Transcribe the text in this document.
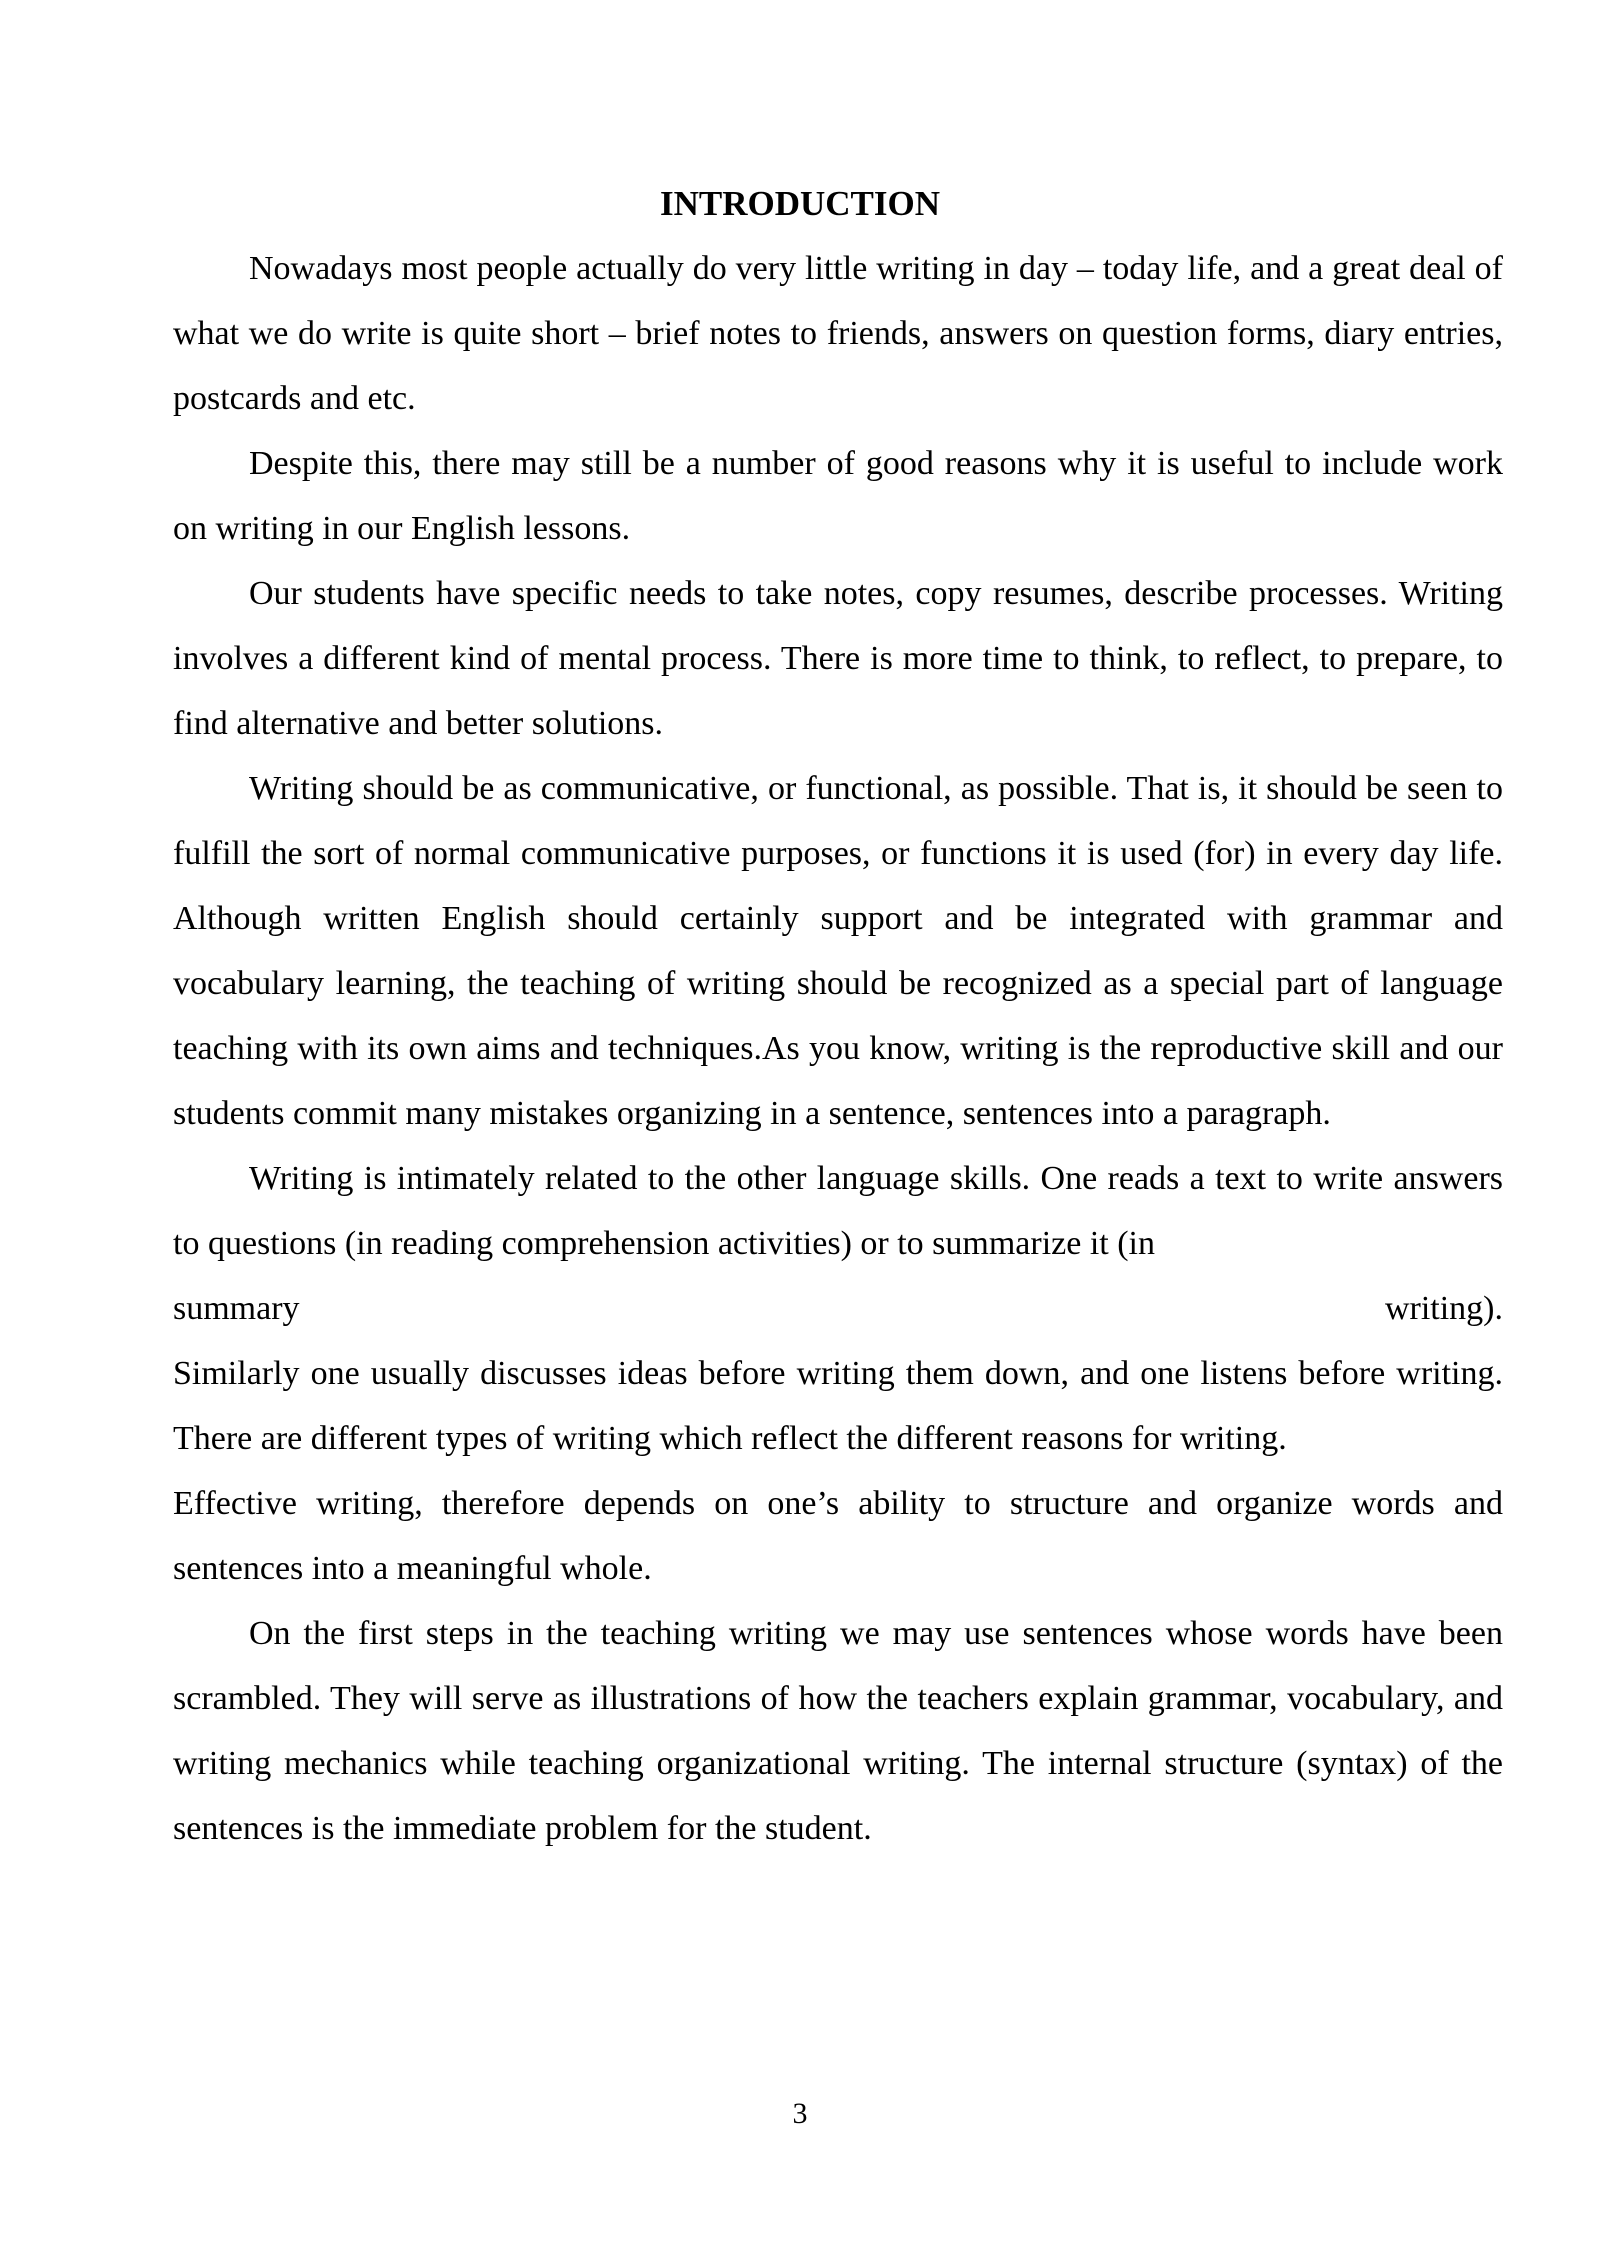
INTRODUCTION

Nowadays most people actually do very little writing in day – today life, and a great deal of what we do write is quite short – brief notes to friends, answers on question forms, diary entries, postcards and etc.

Despite this, there may still be a number of good reasons why it is useful to include work on writing in our English lessons.

Our students have specific needs to take notes, copy resumes, describe processes. Writing involves a different kind of mental process. There is more time to think, to reflect, to prepare, to find alternative and better solutions.

Writing should be as communicative, or functional, as possible. That is, it should be seen to fulfill the sort of normal communicative purposes, or functions it is used (for) in every day life. Although written English should certainly support and be integrated with grammar and vocabulary learning, the teaching of writing should be recognized as a special part of language teaching with its own aims and techniques.As you know, writing is the reproductive skill and our students commit many mistakes organizing in a sentence, sentences into a paragraph.

Writing is intimately related to the other language skills. One reads a text to write answers to questions (in reading comprehension activities) or to summarize it (in

summary	writing).

Similarly one usually discusses ideas before writing them down, and one listens before writing. There are different types of writing which reflect the different reasons for writing.

Effective writing, therefore depends on one’s ability to structure and organize words and sentences into a meaningful whole.

On the first steps in the teaching writing we may use sentences whose words have been scrambled. They will serve as illustrations of how the teachers explain grammar, vocabulary, and writing mechanics while teaching organizational writing. The internal structure (syntax) of the sentences is the immediate problem for the student.

3
